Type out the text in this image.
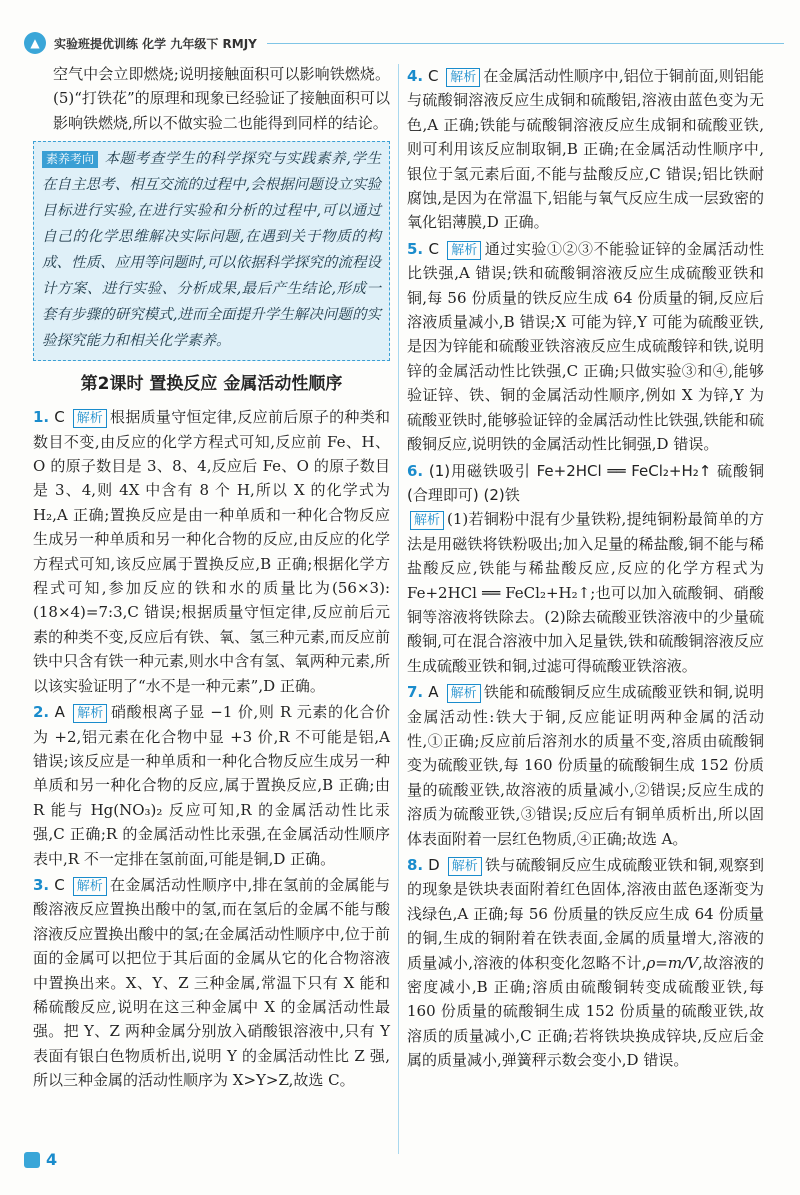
▲	实验班提优训练 化学 九年级下 RMJY

空气中会立即燃烧;说明接触面积可以影响铁燃烧。(5)“打铁花”的原理和现象已经验证了接触面积可以影响铁燃烧,所以不做实验二也能得到同样的结论。

素养考向 本题考查学生的科学探究与实践素养,学生在自主思考、相互交流的过程中,会根据问题设立实验目标进行实验,在进行实验和分析的过程中,可以通过自己的化学思维解决实际问题,在遇到关于物质的构成、性质、应用等问题时,可以依据科学探究的流程设计方案、进行实验、分析成果,最后产生结论,形成一套有步骤的研究模式,进而全面提升学生解决问题的实验探究能力和相关化学素养。
第2课时 置换反应 金属活动性顺序
1. C 解析 根据质量守恒定律,反应前后原子的种类和数目不变,由反应的化学方程式可知,反应前 Fe、H、O 的原子数目是 3、8、4,反应后 Fe、O 的原子数目是 3、4,则 4X 中含有 8 个 H,所以 X 的化学式为 H₂,A 正确;置换反应是由一种单质和一种化合物反应生成另一种单质和另一种化合物的反应,由反应的化学方程式可知,该反应属于置换反应,B 正确;根据化学方程式可知,参加反应的铁和水的质量比为(56×3):(18×4)=7:3,C 错误;根据质量守恒定律,反应前后元素的种类不变,反应后有铁、氧、氢三种元素,而反应前铁中只含有铁一种元素,则水中含有氢、氧两种元素,所以该实验证明了“水不是一种元素”,D 正确。
2. A 解析 硝酸根离子显 −1 价,则 R 元素的化合价为 +2,铝元素在化合物中显 +3 价,R 不可能是铝,A 错误;该反应是一种单质和一种化合物反应生成另一种单质和另一种化合物的反应,属于置换反应,B 正确;由 R 能与 Hg(NO₃)₂ 反应可知,R 的金属活动性比汞强,C 正确;R 的金属活动性比汞强,在金属活动性顺序表中,R 不一定排在氢前面,可能是铜,D 正确。
3. C 解析 在金属活动性顺序中,排在氢前的金属能与酸溶液反应置换出酸中的氢,而在氢后的金属不能与酸溶液反应置换出酸中的氢;在金属活动性顺序中,位于前面的金属可以把位于其后面的金属从它的化合物溶液中置换出来。X、Y、Z 三种金属,常温下只有 X 能和稀硫酸反应,说明在这三种金属中 X 的金属活动性最强。把 Y、Z 两种金属分别放入硝酸银溶液中,只有 Y 表面有银白色物质析出,说明 Y 的金属活动性比 Z 强,所以三种金属的活动性顺序为 X>Y>Z,故选 C。
4. C 解析 在金属活动性顺序中,铝位于铜前面,则铝能与硫酸铜溶液反应生成铜和硫酸铝,溶液由蓝色变为无色,A 正确;铁能与硫酸铜溶液反应生成铜和硫酸亚铁,则可利用该反应制取铜,B 正确;在金属活动性顺序中,银位于氢元素后面,不能与盐酸反应,C 错误;铝比铁耐腐蚀,是因为在常温下,铝能与氧气反应生成一层致密的氧化铝薄膜,D 正确。
5. C 解析 通过实验①②③不能验证锌的金属活动性比铁强,A 错误;铁和硫酸铜溶液反应生成硫酸亚铁和铜,每 56 份质量的铁反应生成 64 份质量的铜,反应后溶液质量减小,B 错误;X 可能为锌,Y 可能为硫酸亚铁,是因为锌能和硫酸亚铁溶液反应生成硫酸锌和铁,说明锌的金属活动性比铁强,C 正确;只做实验③和④,能够验证锌、铁、铜的金属活动性顺序,例如 X 为锌,Y 为硫酸亚铁时,能够验证锌的金属活动性比铁强,铁能和硫酸铜反应,说明铁的金属活动性比铜强,D 错误。
6. (1)用磁铁吸引 Fe+2HCl ══ FeCl₂+H₂↑ 硫酸铜(合理即可) (2)铁
解析 (1)若铜粉中混有少量铁粉,提纯铜粉最简单的方法是用磁铁将铁粉吸出;加入足量的稀盐酸,铜不能与稀盐酸反应,铁能与稀盐酸反应,反应的化学方程式为 Fe+2HCl ══ FeCl₂+H₂↑;也可以加入硫酸铜、硝酸铜等溶液将铁除去。(2)除去硫酸亚铁溶液中的少量硫酸铜,可在混合溶液中加入足量铁,铁和硫酸铜溶液反应生成硫酸亚铁和铜,过滤可得硫酸亚铁溶液。
7. A 解析 铁能和硫酸铜反应生成硫酸亚铁和铜,说明金属活动性:铁大于铜,反应能证明两种金属的活动性,①正确;反应前后溶剂水的质量不变,溶质由硫酸铜变为硫酸亚铁,每 160 份质量的硫酸铜生成 152 份质量的硫酸亚铁,故溶液的质量减小,②错误;反应生成的溶质为硫酸亚铁,③错误;反应后有铜单质析出,所以固体表面附着一层红色物质,④正确;故选 A。
8. D 解析 铁与硫酸铜反应生成硫酸亚铁和铜,观察到的现象是铁块表面附着红色固体,溶液由蓝色逐渐变为浅绿色,A 正确;每 56 份质量的铁反应生成 64 份质量的铜,生成的铜附着在铁表面,金属的质量增大,溶液的质量减小,溶液的体积变化忽略不计,ρ=m/V,故溶液的密度减小,B 正确;溶质由硫酸铜转变成硫酸亚铁,每 160 份质量的硫酸铜生成 152 份质量的硫酸亚铁,故溶质的质量减小,C 正确;若将铁块换成锌块,反应后金属的质量减小,弹簧秤示数会变小,D 错误。
4
